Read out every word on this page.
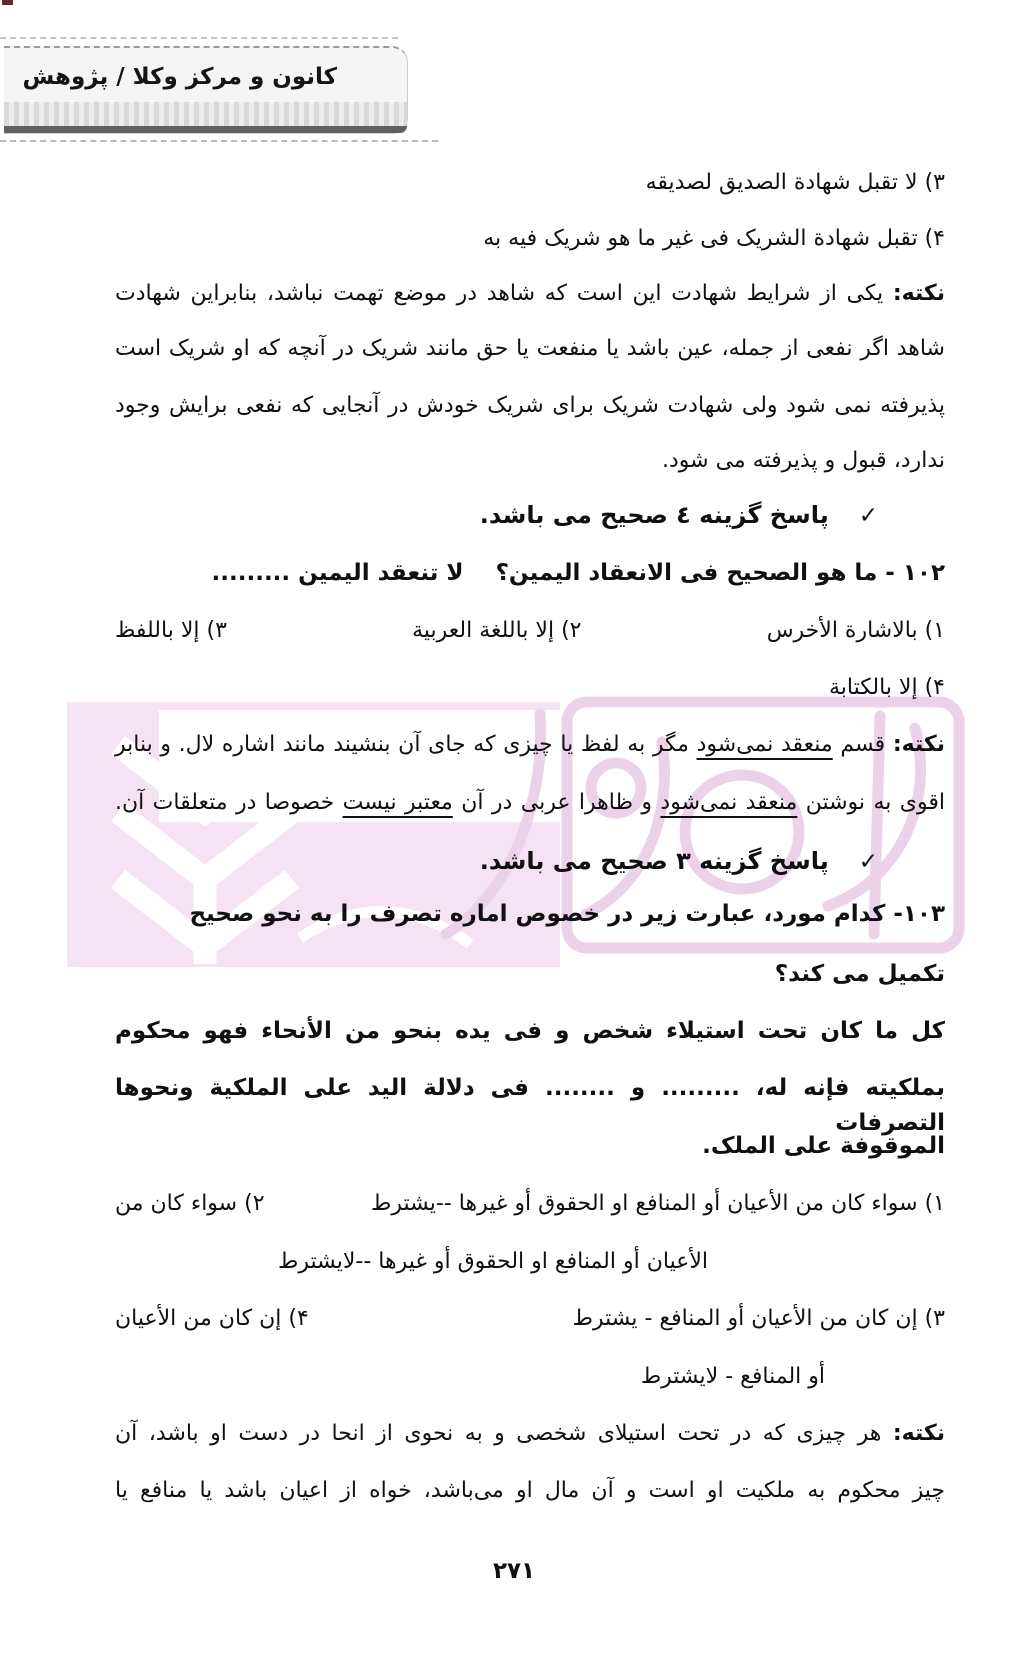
کانون و مرکز وکلا / پژوهش
۳) لا تقبل شهادة الصدیق لصدیقه
۴) تقبل شهادة الشریک فی غیر ما هو شریک فیه به
نکته: یکی از شرایط شهادت این است که شاهد در موضع تهمت نباشد، بنابراین شهادت
شاهد اگر نفعی از جمله، عین باشد یا منفعت یا حق مانند شریک در آنچه که او شریک است
پذیرفته نمی شود ولی شهادت شریک برای شریک خودش در آنجایی که نفعی برایش وجود
ندارد، قبول و پذیرفته می شود.
✓پاسخ گزینه ٤ صحیح می باشد.
۱۰۲ - ما هو الصحیح فی الانعقاد الیمین؟    لا تنعقد الیمین .........
۱) بالاشارة الأخرس
۲) إلا باللغة العربیة
۳) إلا باللفظ
۴) إلا بالکتابة
نکته: قسم منعقد نمی‌شود مگر به لفظ یا چیزی که جای آن بنشیند مانند اشاره لال. و بنابر
اقوی به نوشتن منعقد نمی‌شود و ظاهرا عربی در آن معتبر نیست خصوصا در متعلقات آن.
✓پاسخ گزینه ۳ صحیح می باشد.
۱۰۳- کدام مورد، عبارت زیر در خصوص اماره تصرف را به نحو صحیح
تکمیل می کند؟
کل ما کان تحت استیلاء شخص و فی یده بنحو من الأنحاء فهو محکوم
بملکیته فإنه له، ......... و ........ فی دلالة الید علی الملکیة ونحوها التصرفات
الموقوفة علی الملک.
۱) سواء کان من الأعیان أو المنافع او الحقوق أو غیرها --یشترط
۲) سواء کان من
الأعیان أو المنافع او الحقوق أو غیرها --لایشترط
۳) إن کان من الأعیان أو المنافع - یشترط
۴) إن کان من الأعیان
أو المنافع - لایشترط
نکته: هر چیزی که در تحت استیلای شخصی و به نحوی از انحا در دست او باشد، آن
چیز محکوم به ملکیت او است و آن مال او می‌باشد، خواه از اعیان باشد یا منافع یا
۲۷۱
